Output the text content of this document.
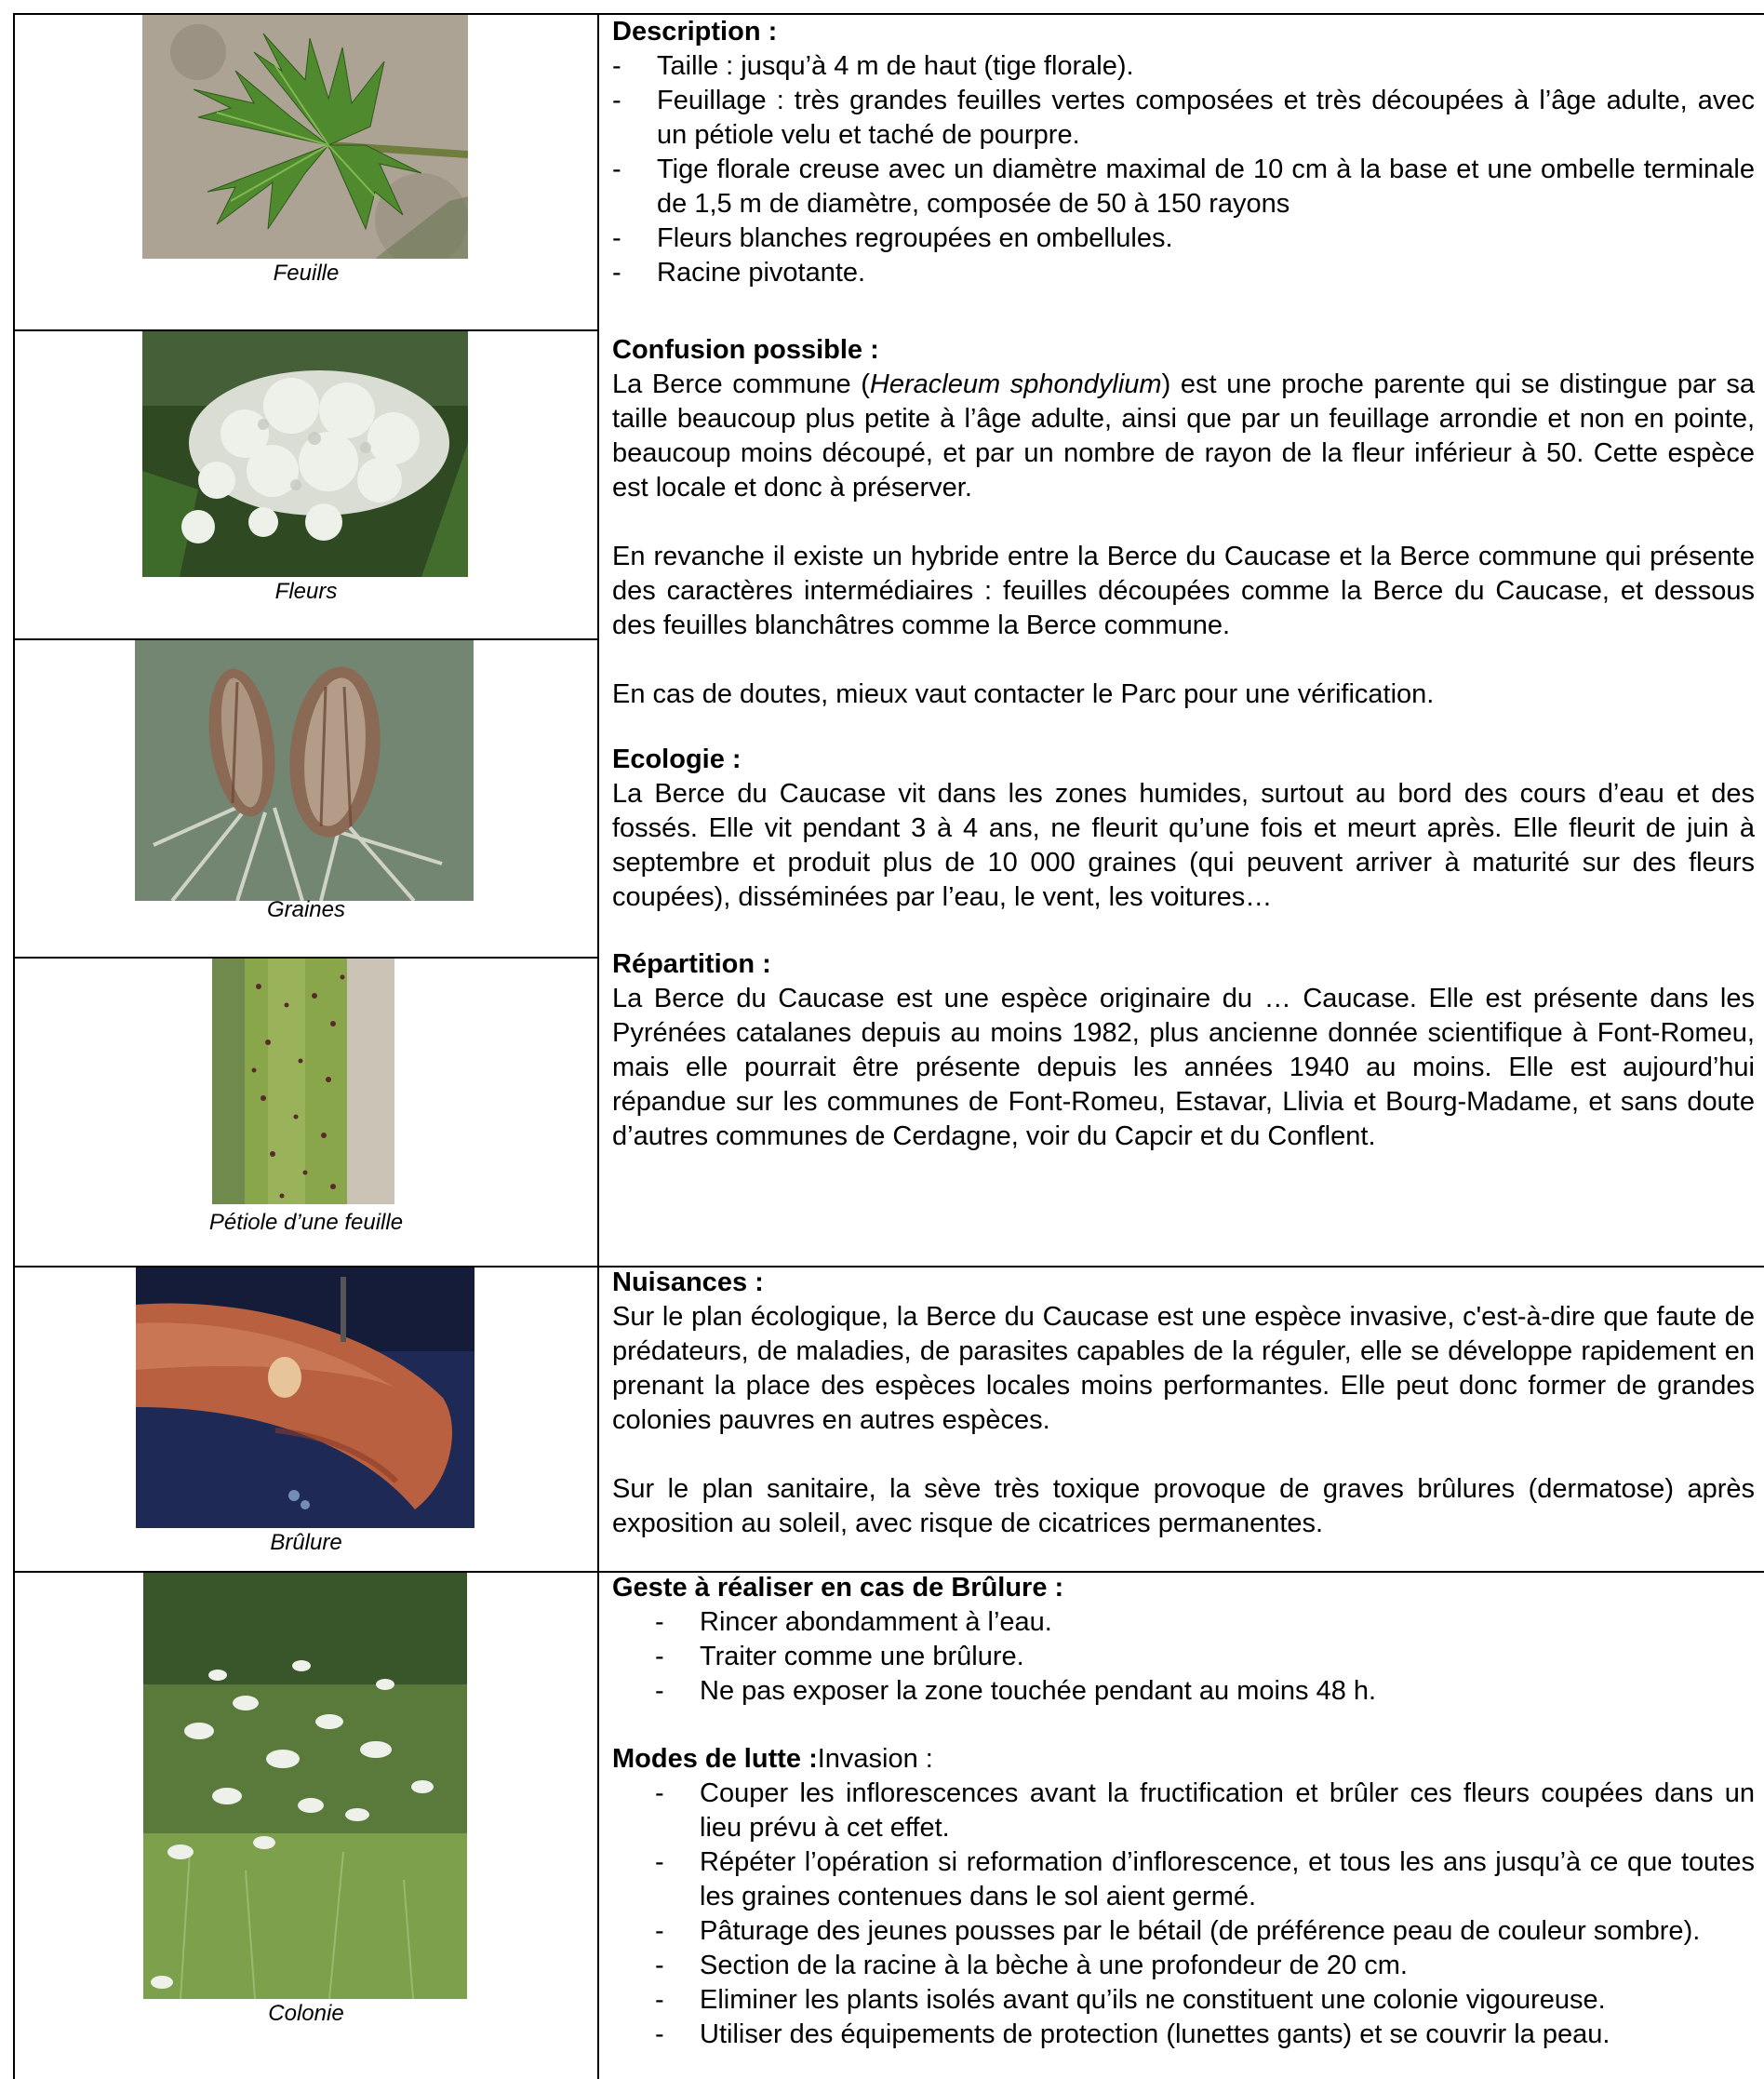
Feuille
Fleurs
Graines
Pétiole d’une feuille
Brûlure
Colonie
Description :
- Taille : jusqu’à 4 m de haut (tige florale).
- Feuillage : très grandes feuilles vertes composées et très découpées à l’âge adulte, avec un pétiole velu et taché de pourpre.
- Tige florale creuse avec un diamètre maximal de 10 cm à la base et une ombelle terminale de 1,5 m de diamètre, composée de 50 à 150 rayons
- Fleurs blanches regroupées en ombellules.
- Racine pivotante.
Confusion possible :

La Berce commune (Heracleum sphondylium) est une proche parente qui se distingue par sa taille beaucoup plus petite à l’âge adulte, ainsi que par un feuillage arrondie et non en pointe, beaucoup moins découpé, et par un nombre de rayon de la fleur inférieur à 50. Cette espèce est locale et donc à préserver.

En revanche il existe un hybride entre la Berce du Caucase et la Berce commune qui présente des caractères intermédiaires : feuilles découpées comme la Berce du Caucase, et dessous des feuilles blanchâtres comme la Berce commune.

En cas de doutes, mieux vaut contacter le Parc pour une vérification.

Ecologie :

La Berce du Caucase vit dans les zones humides, surtout au bord des cours d’eau et des fossés. Elle vit pendant 3 à 4 ans, ne fleurit qu’une fois et meurt après. Elle fleurit de juin à septembre et produit plus de 10 000 graines (qui peuvent arriver à maturité sur des fleurs coupées), disséminées par l’eau, le vent, les voitures…

Répartition :

La Berce du Caucase est une espèce originaire du … Caucase. Elle est présente dans les Pyrénées catalanes depuis au moins 1982, plus ancienne donnée scientifique à Font-Romeu, mais elle pourrait être présente depuis les années 1940 au moins. Elle est aujourd’hui répandue sur les communes de Font-Romeu, Estavar, Llivia et Bourg-Madame, et sans doute d’autres communes de Cerdagne, voir du Capcir et du Conflent.

Nuisances :

Sur le plan écologique, la Berce du Caucase est une espèce invasive, c'est-à-dire que faute de prédateurs, de maladies, de parasites capables de la réguler, elle se développe rapidement en prenant la place des espèces locales moins performantes. Elle peut donc former de grandes colonies pauvres en autres espèces.

Sur le plan sanitaire, la sève très toxique provoque de graves brûlures (dermatose) après exposition au soleil, avec risque de cicatrices permanentes.

Geste à réaliser en cas de Brûlure :
- Rincer abondamment à l’eau.
- Traiter comme une brûlure.
- Ne pas exposer la zone touchée pendant au moins 48 h.
Modes de lutte :Invasion :
- Couper les inflorescences avant la fructification et brûler ces fleurs coupées dans un lieu prévu à cet effet.
- Répéter l’opération si reformation d’inflorescence, et tous les ans jusqu’à ce que toutes les graines contenues dans le sol aient germé.
- Pâturage des jeunes pousses par le bétail (de préférence peau de couleur sombre).
- Section de la racine à la bèche à une profondeur de 20 cm.
- Eliminer les plants isolés avant qu’ils ne constituent une colonie vigoureuse.
- Utiliser des équipements de protection (lunettes gants) et se couvrir la peau.
